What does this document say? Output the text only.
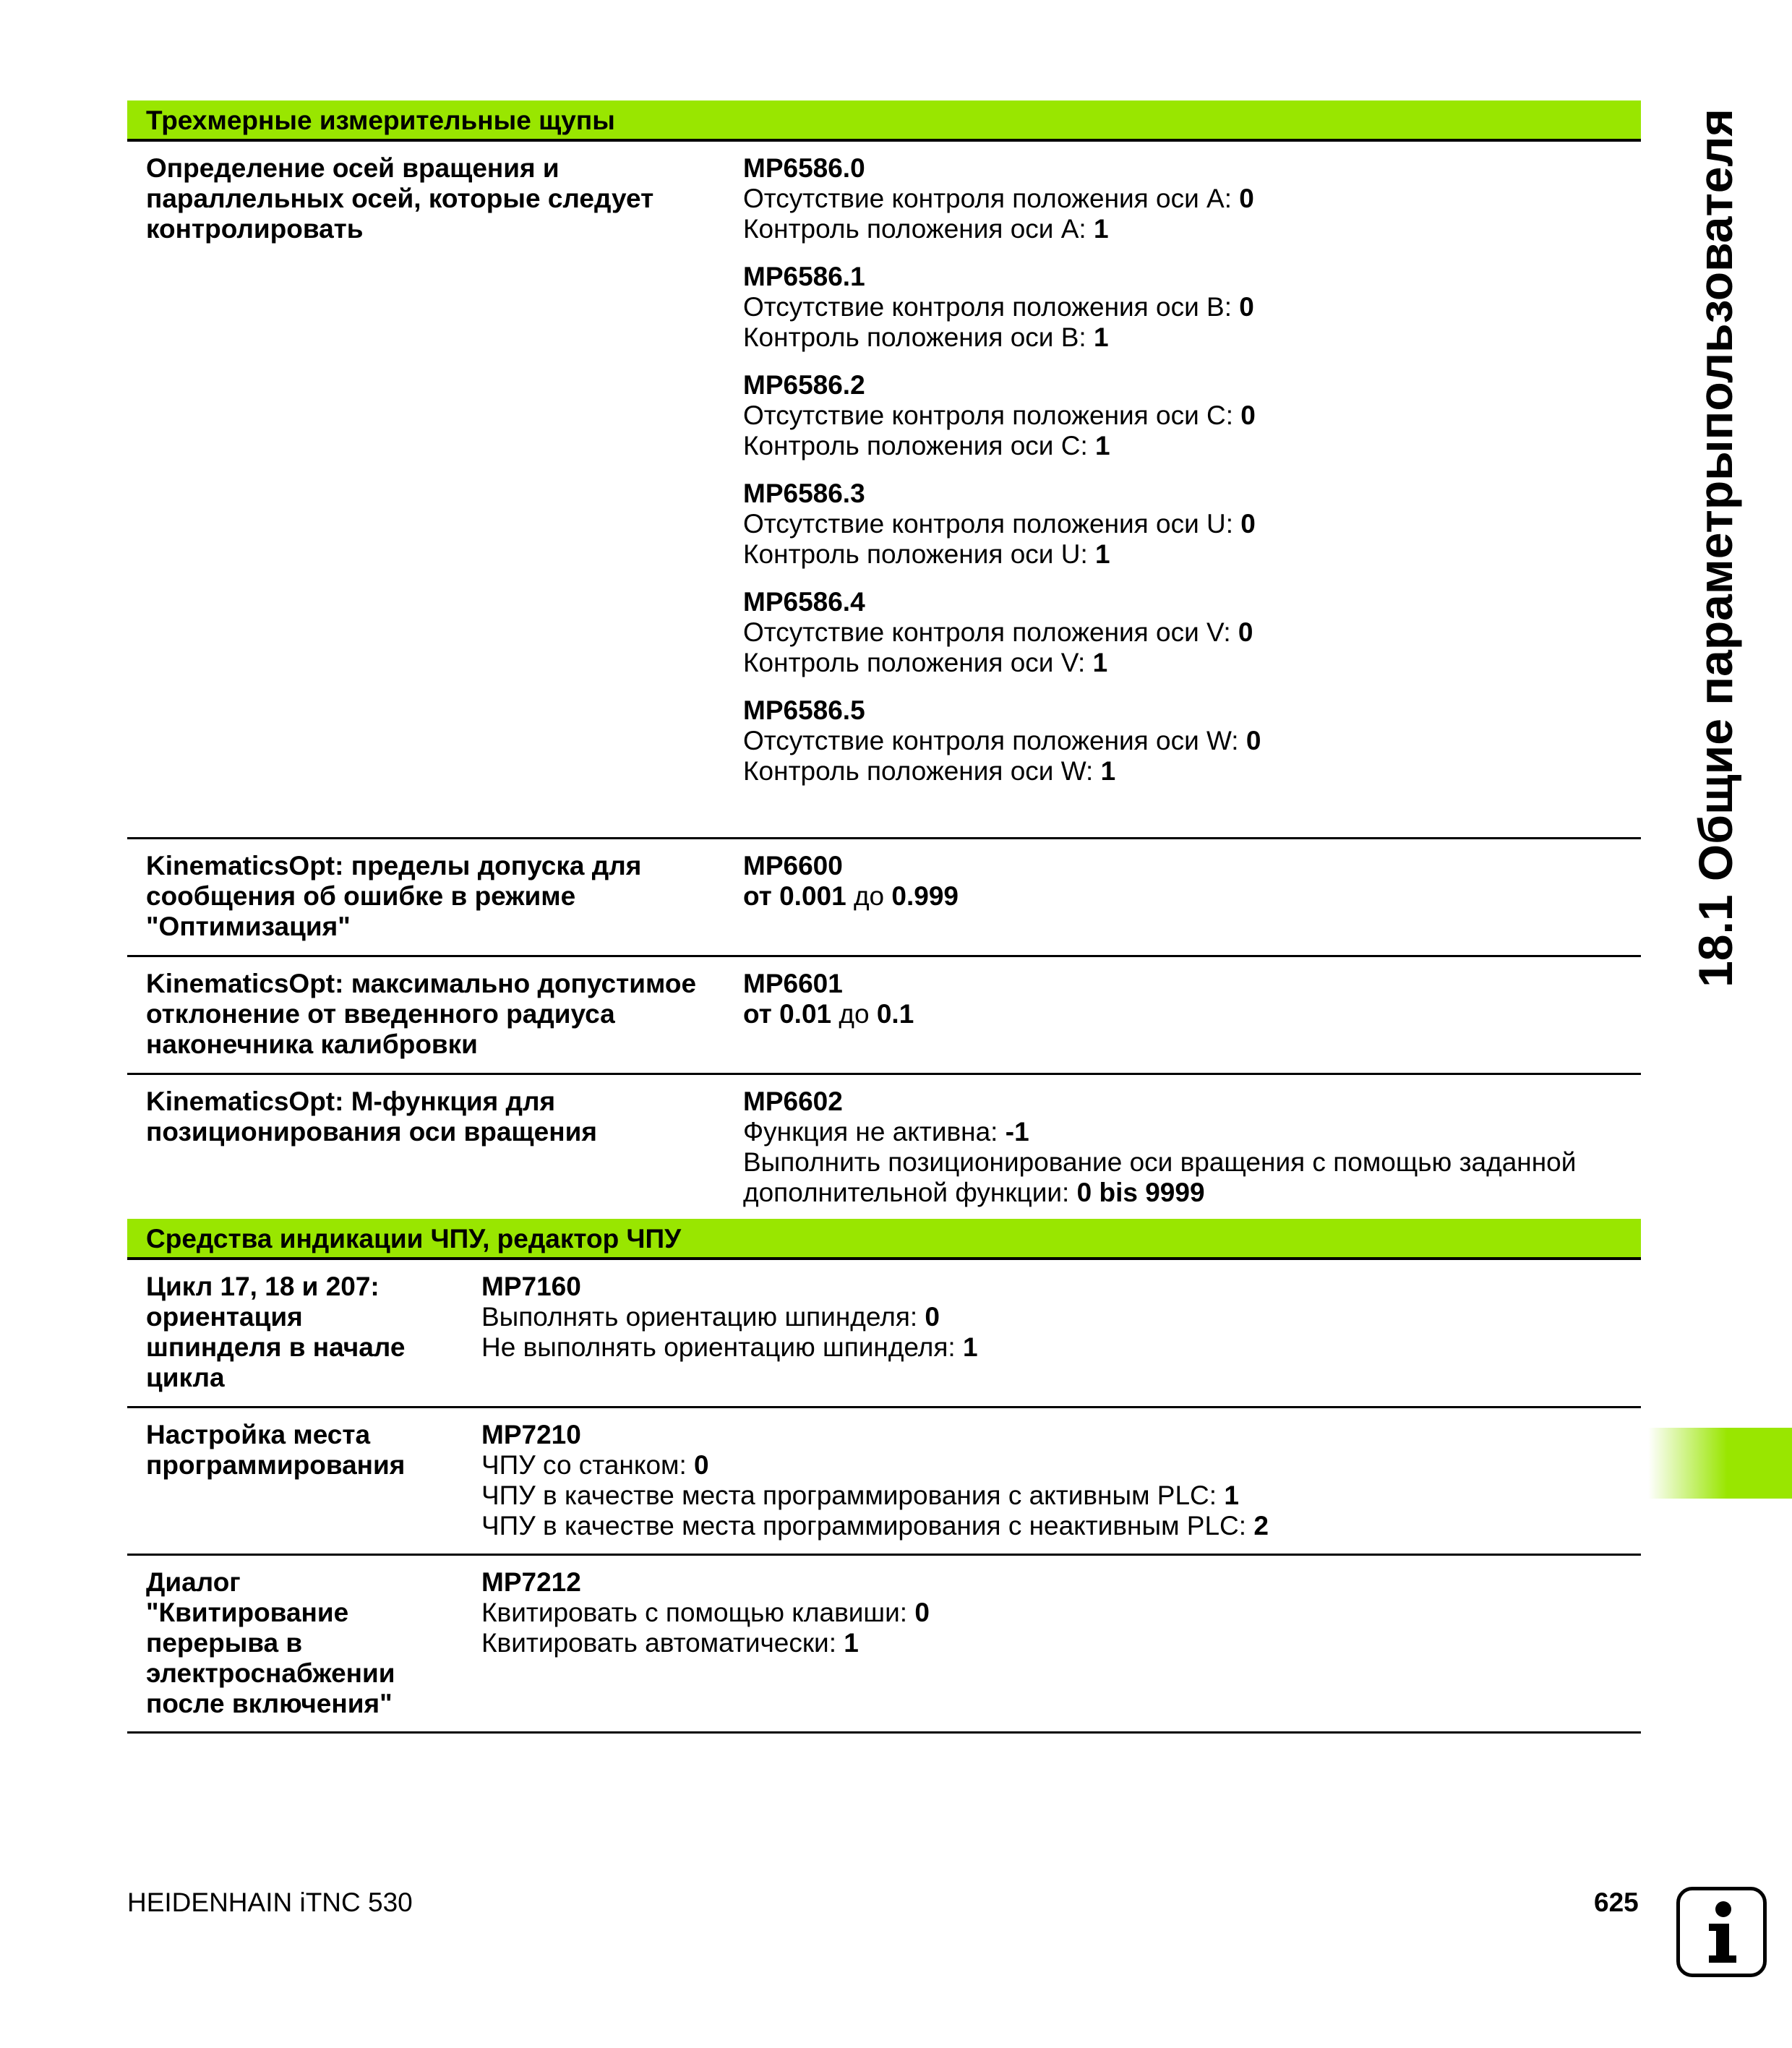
Трехмерные измерительные щупы
Определение осей вращения и параллельных осей, которые следует контролировать
MP6586.0
Отсутствие контроля положения оси A: 0
Контроль положения оси A: 1
MP6586.1
Отсутствие контроля положения оси B: 0
Контроль положения оси B: 1
MP6586.2
Отсутствие контроля положения оси C: 0
Контроль положения оси C: 1
MP6586.3
Отсутствие контроля положения оси U: 0
Контроль положения оси U: 1
MP6586.4
Отсутствие контроля положения оси V: 0
Контроль положения оси V: 1
MP6586.5
Отсутствие контроля положения оси W: 0
Контроль положения оси W: 1
KinematicsOpt: пределы допуска для сообщения об ошибке в режиме "Оптимизация"
MP6600
от 0.001 до 0.999
KinematicsOpt: максимально допустимое отклонение от введенного радиуса наконечника калибровки
MP6601
от 0.01 до 0.1
KinematicsOpt: M-функция для позиционирования оси вращения
MP6602
Функция не активна: -1
Выполнить позиционирование оси вращения с помощью заданной дополнительной функции: 0 bis 9999
Средства индикации ЧПУ, редактор ЧПУ
Цикл 17, 18 и 207: ориентация шпинделя в начале цикла
MP7160
Выполнять ориентацию шпинделя: 0
Не выполнять ориентацию шпинделя: 1
Настройка места программирования
MP7210
ЧПУ со станком: 0
ЧПУ в качестве места программирования с активным PLC: 1
ЧПУ в качестве места программирования с неактивным PLC: 2
Диалог "Квитирование перерыва в электроснабжении после включения"
MP7212
Квитировать с помощью клавиши: 0
Квитировать автоматически: 1
18.1 Общие параметрыпользователя
HEIDENHAIN iTNC 530	625
